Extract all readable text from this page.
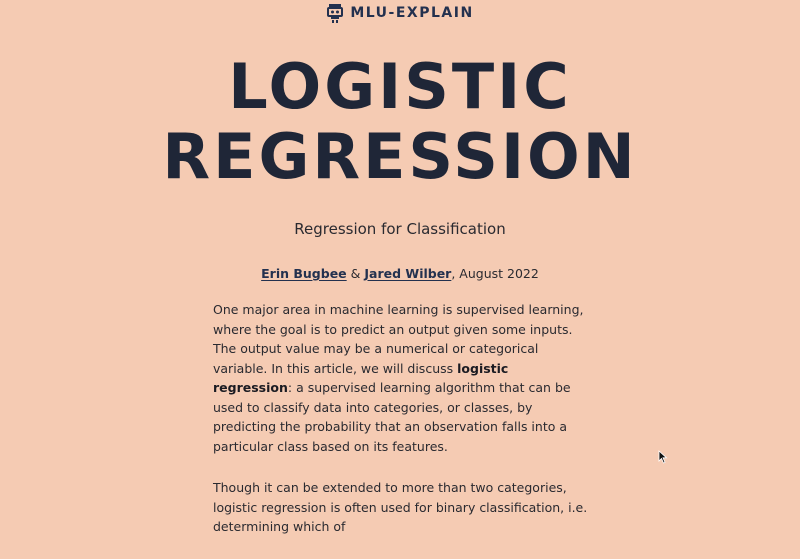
MLU-EXPLAIN
LOGISTIC
REGRESSION

Regression for Classification

Erin Bugbee & Jared Wilber, August 2022

One major area in machine learning is supervised learning, where the goal is to predict an output given some inputs. The output value may be a numerical or categorical variable. In this article, we will discuss logistic regression: a supervised learning algorithm that can be used to classify data into categories, or classes, by predicting the probability that an observation falls into a particular class based on its features.

Though it can be extended to more than two categories, logistic regression is often used for binary classification, i.e. determining which of
